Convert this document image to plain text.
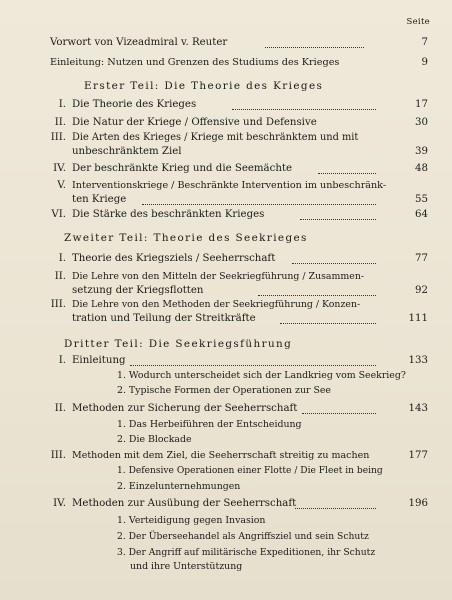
Seite
Vorwort von Vizeadmiral v. Reuter	7
Einleitung: Nutzen und Grenzen des Studiums des Krieges	9
Erster Teil: Die Theorie des Krieges
I. Die Theorie des Krieges	17
II. Die Natur der Kriege / Offensive und Defensive	30
III. Die Arten des Krieges / Kriege mit beschränktem und mit
unbeschränktem Ziel	39
IV. Der beschränkte Krieg und die Seemächte	48
V. Interventionskriege / Beschränkte Intervention im unbeschränk-
ten Kriege	55
VI. Die Stärke des beschränkten Krieges	64
Zweiter Teil: Theorie des Seekrieges
I. Theorie des Kriegsziels / Seeherrschaft	77
II. Die Lehre von den Mitteln der Seekriegführung / Zusammen-
setzung der Kriegsflotten	92
III. Die Lehre von den Methoden der Seekriegführung / Konzen-
tration und Teilung der Streitkräfte	111
Dritter Teil: Die Seekriegsführung
I. Einleitung	133
1. Wodurch unterscheidet sich der Landkrieg vom Seekrieg?
2. Typische Formen der Operationen zur See
II. Methoden zur Sicherung der Seeherrschaft	143
1. Das Herbeiführen der Entscheidung
2. Die Blockade
III. Methoden mit dem Ziel, die Seeherrschaft streitig zu machen	177
1. Defensive Operationen einer Flotte / Die Fleet in being
2. Einzelunternehmungen
IV. Methoden zur Ausübung der Seeherrschaft	196
1. Verteidigung gegen Invasion
2. Der Überseehandel als Angriffsziel und sein Schutz
3. Der Angriff auf militärische Expeditionen, ihr Schutz
und ihre Unterstützung
